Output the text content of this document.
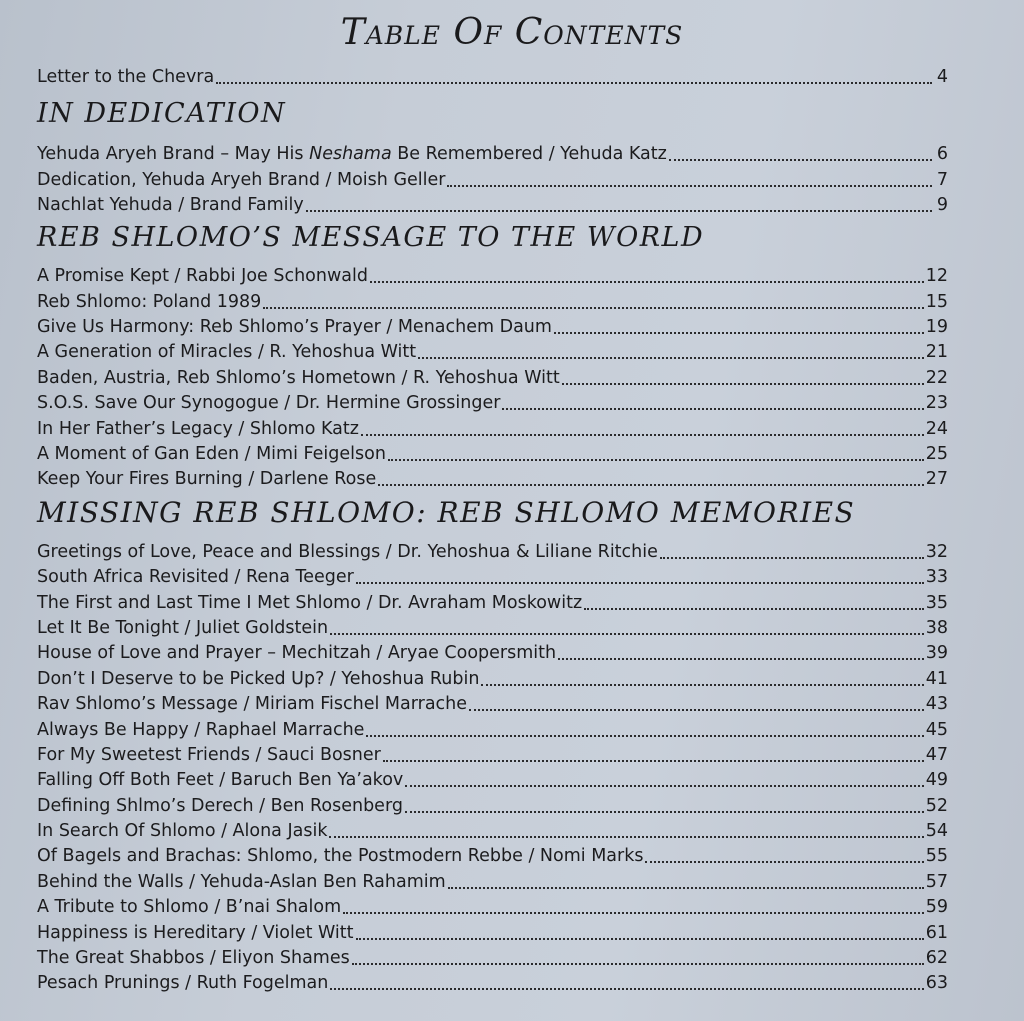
Table Of Contents
Letter to the Chevra	4
IN DEDICATION
Yehuda Aryeh Brand – May His Neshama Be Remembered / Yehuda Katz	6
Dedication, Yehuda Aryeh Brand / Moish Geller	7
Nachlat Yehuda / Brand Family	9
REB SHLOMO’S MESSAGE TO THE WORLD
A Promise Kept / Rabbi Joe Schonwald	12
Reb Shlomo: Poland 1989	15
Give Us Harmony: Reb Shlomo’s Prayer / Menachem Daum	19
A Generation of Miracles / R. Yehoshua Witt	21
Baden, Austria, Reb Shlomo’s Hometown / R. Yehoshua Witt	22
S.O.S. Save Our Synogogue / Dr. Hermine Grossinger	23
In Her Father’s Legacy / Shlomo Katz	24
A Moment of Gan Eden / Mimi Feigelson	25
Keep Your Fires Burning / Darlene Rose	27
MISSING REB SHLOMO: REB SHLOMO MEMORIES
Greetings of Love, Peace and Blessings / Dr. Yehoshua & Liliane Ritchie	32
South Africa Revisited / Rena Teeger	33
The First and Last Time I Met Shlomo / Dr. Avraham Moskowitz	35
Let It Be Tonight / Juliet Goldstein	38
House of Love and Prayer – Mechitzah / Aryae Coopersmith	39
Don’t I Deserve to be Picked Up? / Yehoshua Rubin	41
Rav Shlomo’s Message / Miriam Fischel Marrache	43
Always Be Happy / Raphael Marrache	45
For My Sweetest Friends / Sauci Bosner	47
Falling Off Both Feet / Baruch Ben Ya’akov	49
Defining Shlmo’s Derech / Ben Rosenberg	52
In Search Of Shlomo / Alona Jasik	54
Of Bagels and Brachas: Shlomo, the Postmodern Rebbe / Nomi Marks	55
Behind the Walls / Yehuda-Aslan Ben Rahamim	57
A Tribute to Shlomo / B’nai Shalom	59
Happiness is Hereditary / Violet Witt	61
The Great Shabbos / Eliyon Shames	62
Pesach Prunings / Ruth Fogelman	63
